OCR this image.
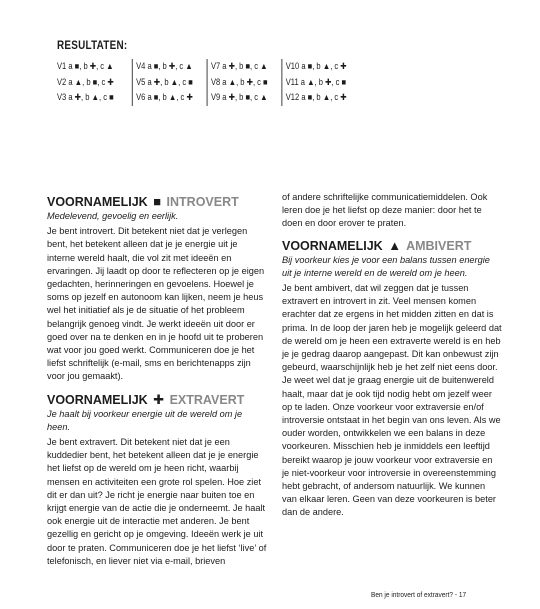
RESULTATEN:
V1 a ■, b ✚, c ▲	V4 a ■, b ✚, c ▲	V7 a ✚, b ■, c ▲	V10 a ■, b ▲, c ✚
V2 a ▲, b ■, c ✚	V5 a ✚, b ▲, c ■	V8 a ▲, b ✚, c ■	V11 a ▲, b ✚, c ■
V3 a ✚, b ▲, c ■	V6 a ■, b ▲, c ✚	V9 a ✚, b ■, c ▲	V12 a ■, b ▲, c ✚
VOORNAMELIJK ■ INTROVERT
Medelevend, gevoelig en eerlijk.

Je bent introvert. Dit betekent niet dat je verlegen bent, het betekent alleen dat je je energie uit je interne wereld haalt, die vol zit met ideeën en ervaringen. Jij laadt op door te reflecteren op je eigen gedachten, herinneringen en gevoelens. Hoewel je soms op jezelf en autonoom kan lijken, neem je heus wel het initiatief als je de situatie of het probleem belangrijk genoeg vindt. Je werkt ideeën uit door er goed over na te denken en in je hoofd uit te proberen wat voor jou goed werkt. Communiceren doe je het liefst schriftelijk (e-mail, sms en berichtenapps zijn voor jou gemaakt).

VOORNAMELIJK ✚ EXTRAVERT
Je haalt bij voorkeur energie uit de wereld om je heen.

Je bent extravert. Dit betekent niet dat je een kuddedier bent, het betekent alleen dat je je energie het liefst op de wereld om je heen richt, waarbij mensen en activiteiten een grote rol spelen. Hoe ziet dit er dan uit? Je richt je energie naar buiten toe en krijgt energie van de actie die je onderneemt. Je haalt ook energie uit de interactie met anderen. Je bent gezellig en gericht op je omgeving. Ideeën werk je uit door te praten. Communiceren doe je het liefst ‘live’ of telefonisch, en liever niet via e-mail, brieven

of andere schriftelijke communicatiemiddelen. Ook leren doe je het liefst op deze manier: door het te doen en door erover te praten.

VOORNAMELIJK ▲ AMBIVERT
Bij voorkeur kies je voor een balans tussen energie uit je interne wereld en de wereld om je heen.

Je bent ambivert, dat wil zeggen dat je tussen extravert en introvert in zit. Veel mensen komen erachter dat ze ergens in het midden zitten en dat is prima. In de loop der jaren heb je mogelijk geleerd dat de wereld om je heen een extraverte wereld is en heb je je gedrag daarop aangepast. Dit kan onbewust zijn gebeurd, waarschijnlijk heb je het zelf niet eens door. Je weet wel dat je graag energie uit de buitenwereld haalt, maar dat je ook tijd nodig hebt om jezelf weer op te laden. Onze voorkeur voor extraversie en/of introversie ontstaat in het begin van ons leven. Als we ouder worden, ontwikkelen we een balans in deze voorkeuren. Misschien heb je inmiddels een leeftijd bereikt waarop je jouw voorkeur voor extraversie en je niet-voorkeur voor introversie in overeenstemming hebt gebracht, of andersom natuurlijk. We kunnen van elkaar leren. Geen van deze voorkeuren is beter dan de andere.

Ben je introvert of extravert? - 17
